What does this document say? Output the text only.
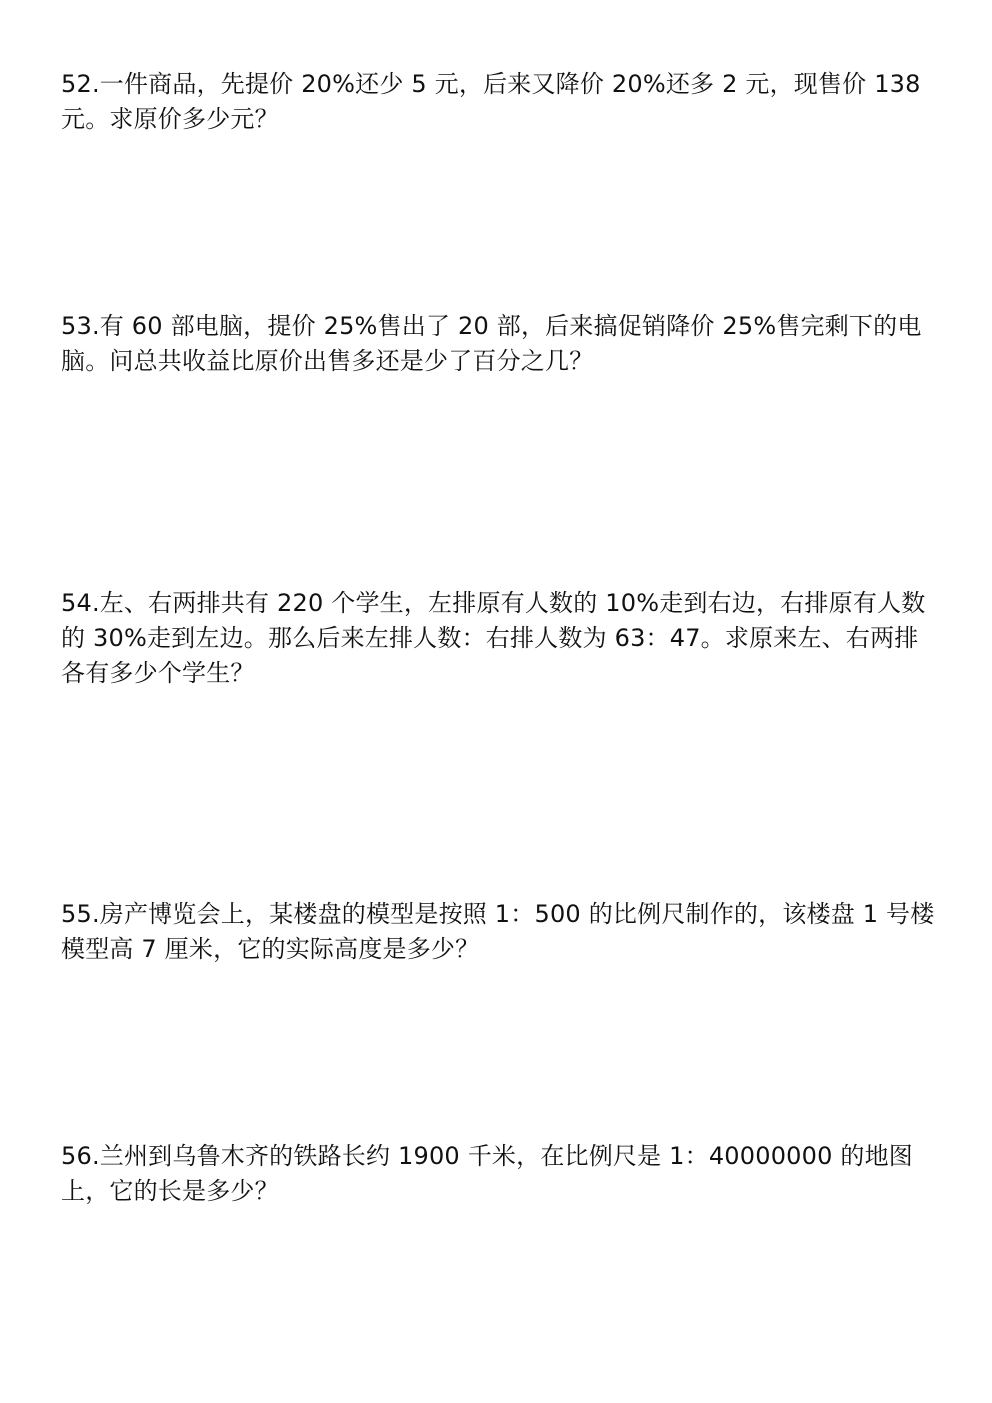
52.一件商品，先提价 20%还少 5 元，后来又降价 20%还多 2 元，现售价 138 元。求原价多少元？

53.有 60 部电脑，提价 25%售出了 20 部，后来搞促销降价 25%售完剩下的电脑。问总共收益比原价出售多还是少了百分之几？

54.左、右两排共有 220 个学生，左排原有人数的 10%走到右边，右排原有人数的 30%走到左边。那么后来左排人数：右排人数为 63：47。求原来左、右两排各有多少个学生？

55.房产博览会上，某楼盘的模型是按照 1：500 的比例尺制作的，该楼盘 1 号楼模型高 7 厘米，它的实际高度是多少？

56.兰州到乌鲁木齐的铁路长约 1900 千米，在比例尺是 1：40000000 的地图上，它的长是多少？
